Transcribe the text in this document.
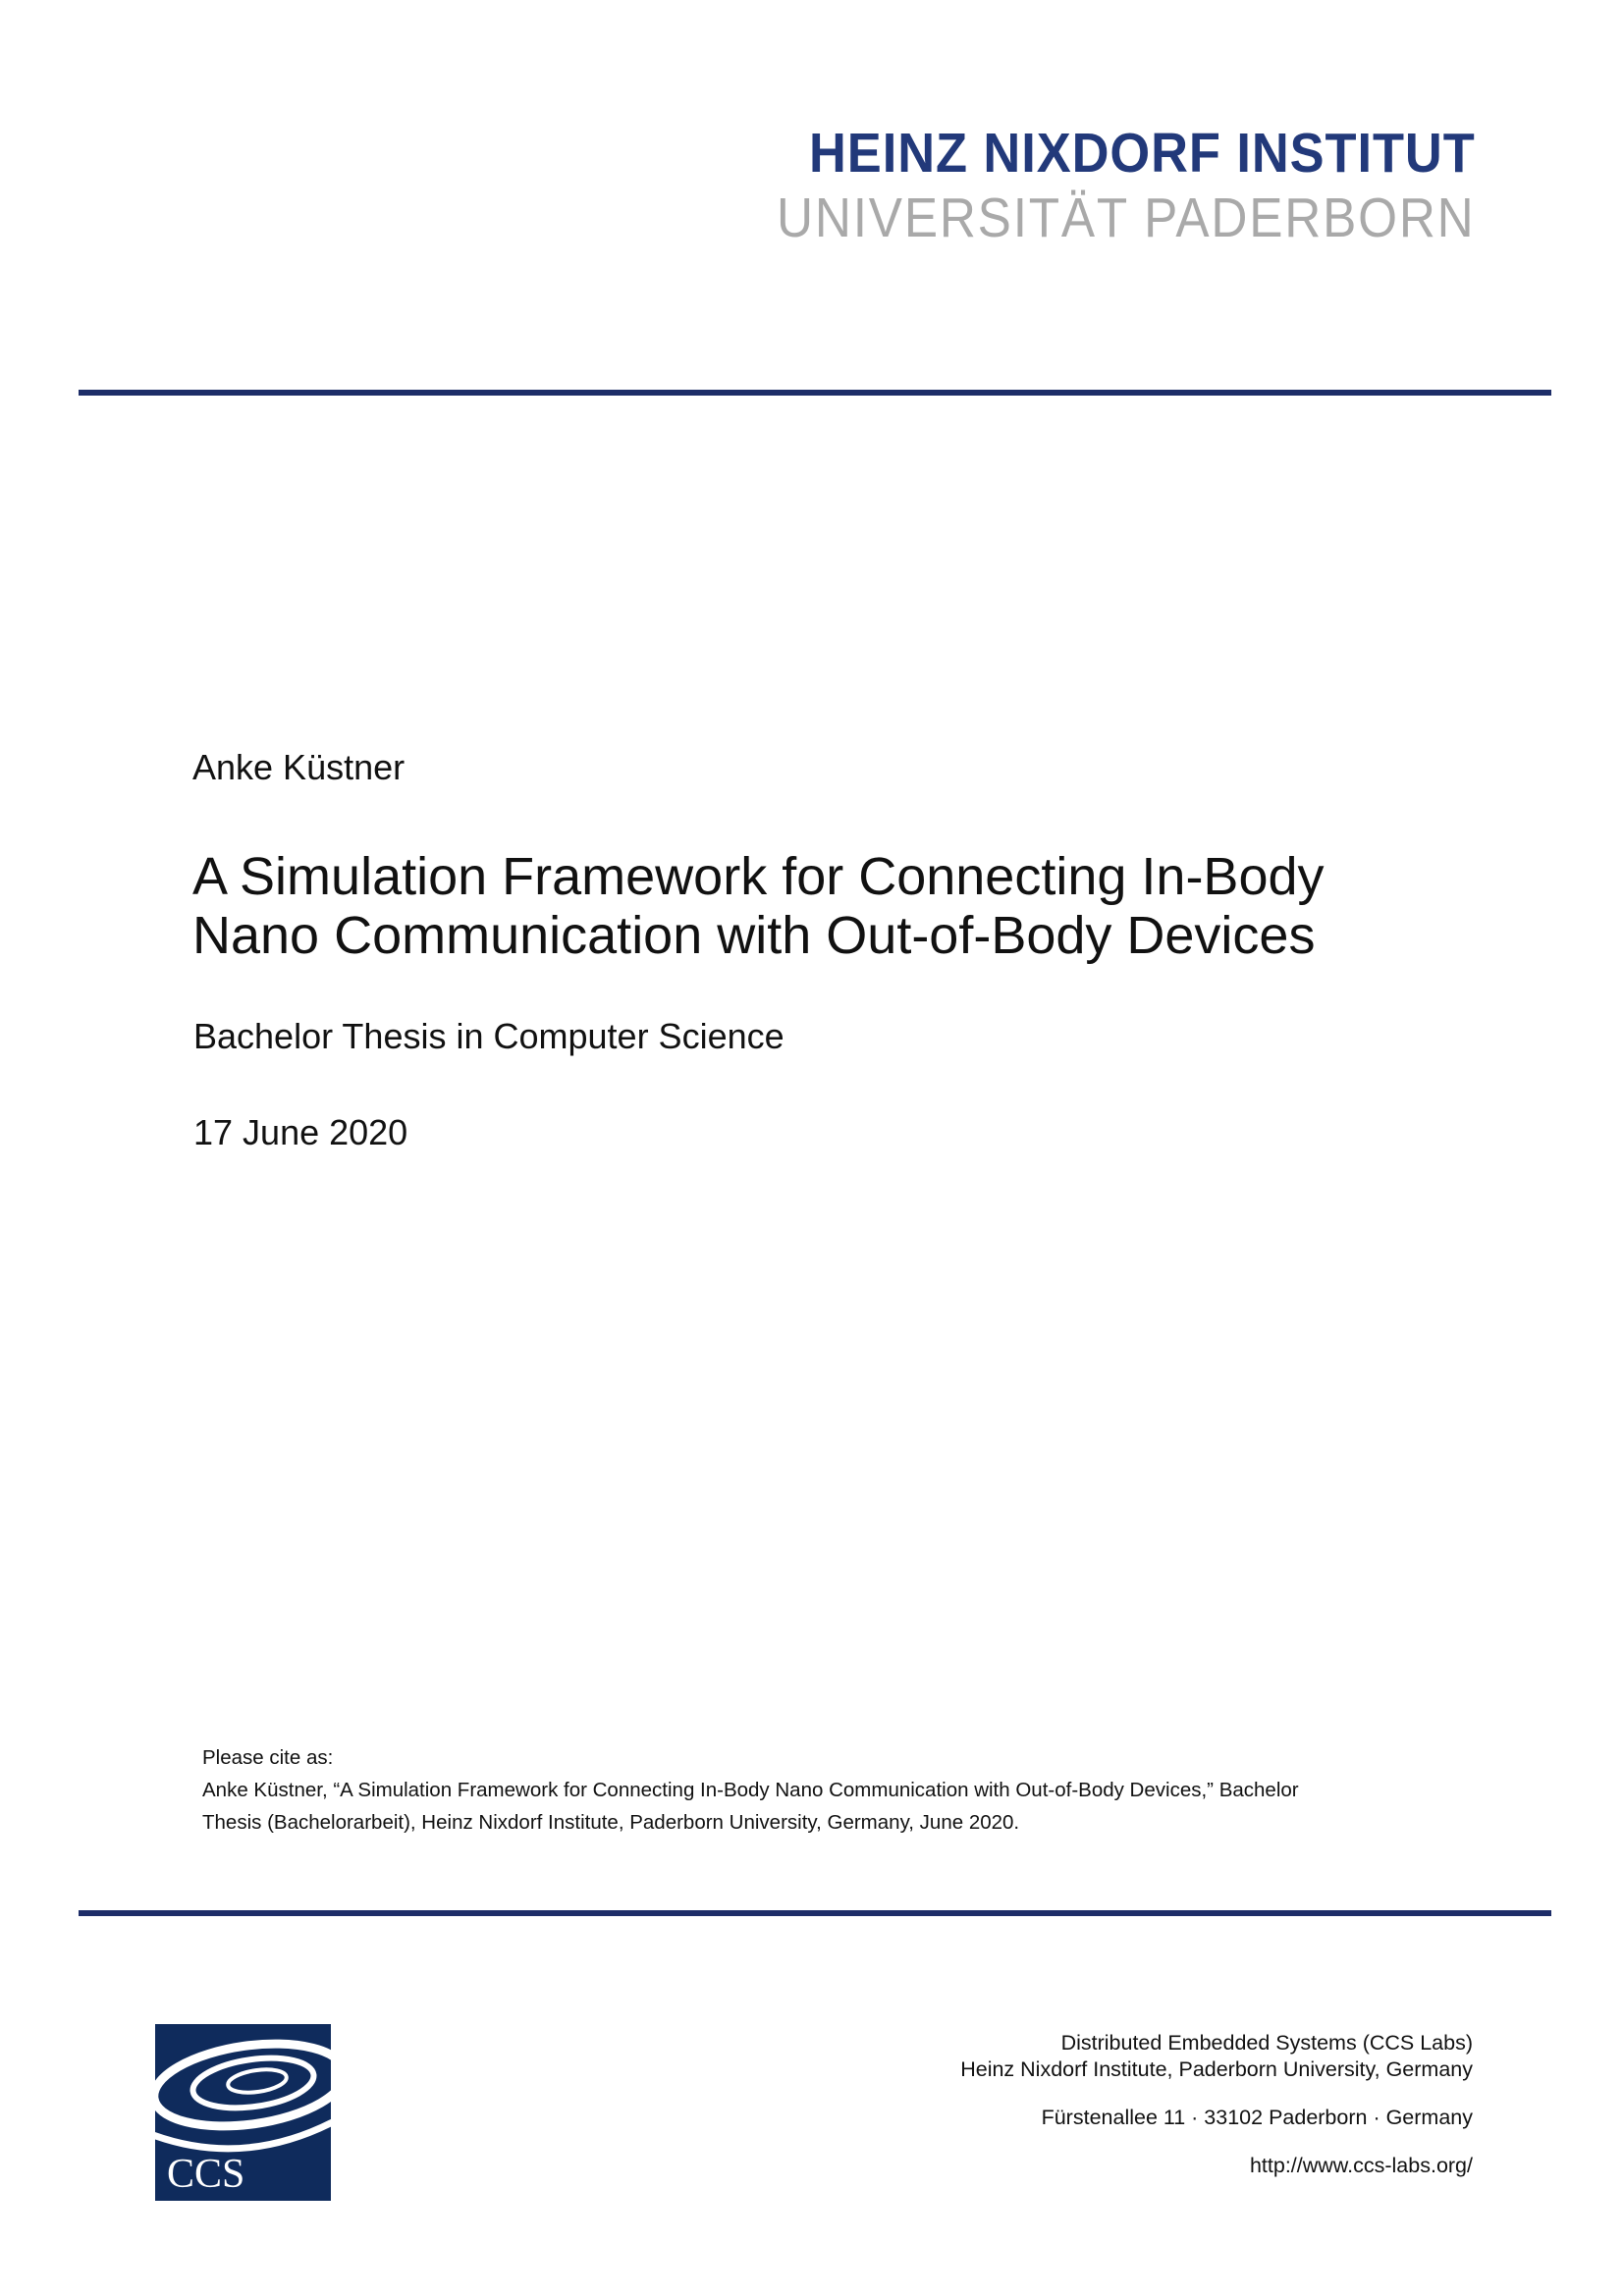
HEINZ NIXDORF INSTITUT
UNIVERSITÄT PADERBORN
Anke Küstner
A Simulation Framework for Connecting In-Body
Nano Communication with Out-of-Body Devices
Bachelor Thesis in Computer Science
17 June 2020
Please cite as:
Anke Küstner, “A Simulation Framework for Connecting In-Body Nano Communication with Out-of-Body Devices,” Bachelor
Thesis (Bachelorarbeit), Heinz Nixdorf Institute, Paderborn University, Germany, June 2020.
CCS
Distributed Embedded Systems (CCS Labs)
Heinz Nixdorf Institute, Paderborn University, Germany
Fürstenallee 11 · 33102 Paderborn · Germany
http://www.ccs-labs.org/
